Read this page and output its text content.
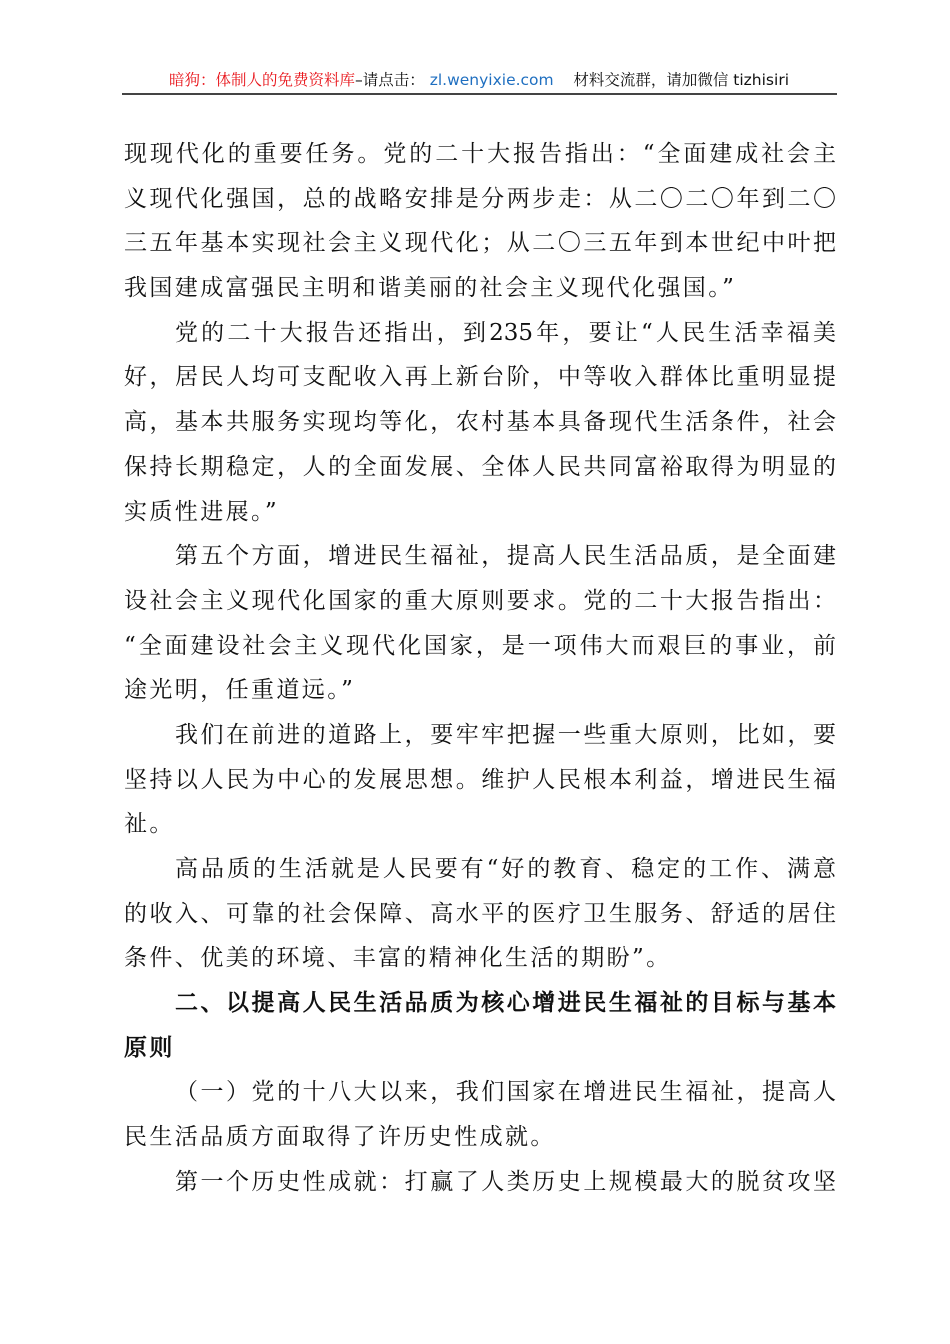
暗狗：体制人的免费资料库–请点击： zl.wenyixie.com 材料交流群，请加微信 tizhisiri
现现代化的重要任务。党的二十大报告指出：“全面建成社会主
义现代化强国，总的战略安排是分两步走：从二〇二〇年到二〇
三五年基本实现社会主义现代化；从二〇三五年到本世纪中叶把
我国建成富强民主明和谐美丽的社会主义现代化强国。”
党的二十大报告还指出，到235年，要让“人民生活幸福美
好，居民人均可支配收入再上新台阶，中等收入群体比重明显提
高，基本共服务实现均等化，农村基本具备现代生活条件，社会
保持长期稳定，人的全面发展、全体人民共同富裕取得为明显的
实质性进展。”
第五个方面，增进民生福祉，提高人民生活品质，是全面建
设社会主义现代化国家的重大原则要求。党的二十大报告指出：
“全面建设社会主义现代化国家，是一项伟大而艰巨的事业，前
途光明，任重道远。”
我们在前进的道路上，要牢牢把握一些重大原则，比如，要
坚持以人民为中心的发展思想。维护人民根本利益，增进民生福
祉。
高品质的生活就是人民要有“好的教育、稳定的工作、满意
的收入、可靠的社会保障、高水平的医疗卫生服务、舒适的居住
条件、优美的环境、丰富的精神化生活的期盼”。
二、以提高人民生活品质为核心增进民生福祉的目标与基本
原则
（一）党的十八大以来，我们国家在增进民生福祉，提高人
民生活品质方面取得了许历史性成就。
第一个历史性成就：打赢了人类历史上规模最大的脱贫攻坚
